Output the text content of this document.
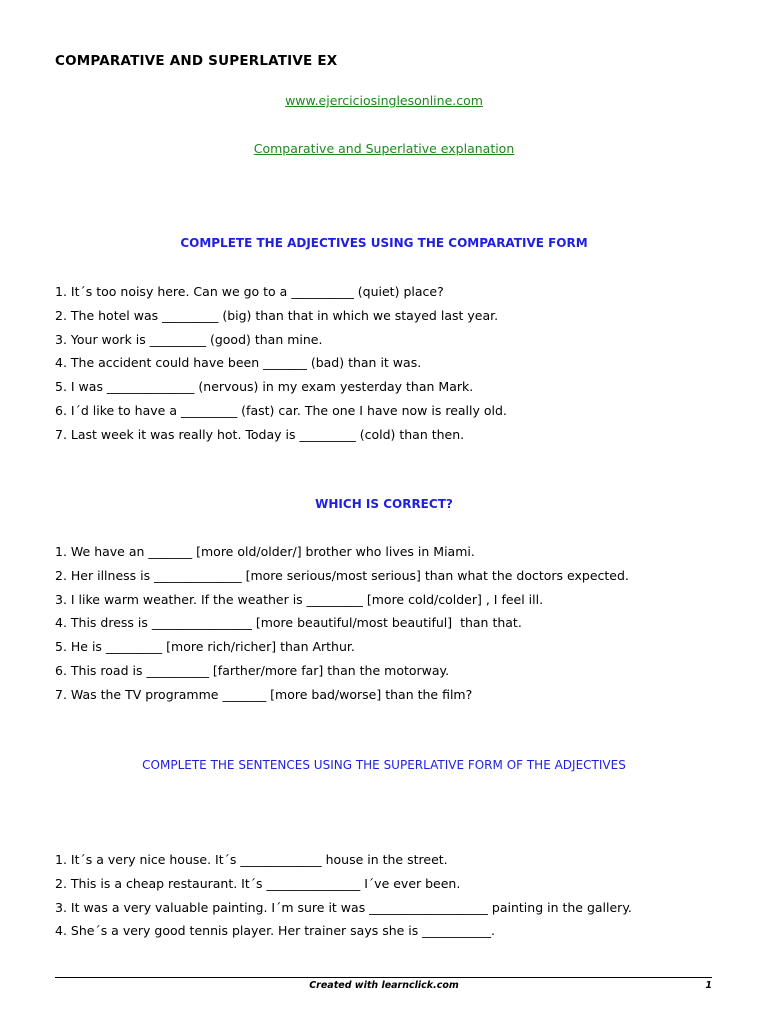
COMPARATIVE AND SUPERLATIVE EX
www.ejerciciosinglesonline.com
Comparative and Superlative explanation
COMPLETE THE ADJECTIVES USING THE COMPARATIVE FORM
1. It´s too noisy here. Can we go to a __________ (quiet) place?
2. The hotel was _________ (big) than that in which we stayed last year.
3. Your work is _________ (good) than mine.
4. The accident could have been _______ (bad) than it was.
5. I was ______________ (nervous) in my exam yesterday than Mark.
6. I´d like to have a _________ (fast) car. The one I have now is really old.
7. Last week it was really hot. Today is _________ (cold) than then.
WHICH IS CORRECT?
1. We have an _______ [more old/older/] brother who lives in Miami.
2. Her illness is ______________ [more serious/most serious] than what the doctors expected.
3. I like warm weather. If the weather is _________ [more cold/colder] , I feel ill.
4. This dress is ________________ [more beautiful/most beautiful]  than that.
5. He is _________ [more rich/richer] than Arthur.
6. This road is __________ [farther/more far] than the motorway.
7. Was the TV programme _______ [more bad/worse] than the film?
COMPLETE THE SENTENCES USING THE SUPERLATIVE FORM OF THE ADJECTIVES
1. It´s a very nice house. It´s _____________ house in the street.
2. This is a cheap restaurant. It´s _______________ I´ve ever been.
3. It was a very valuable painting. I´m sure it was ___________________ painting in the gallery.
4. She´s a very good tennis player. Her trainer says she is ___________.
Created with learnclick.com	1
